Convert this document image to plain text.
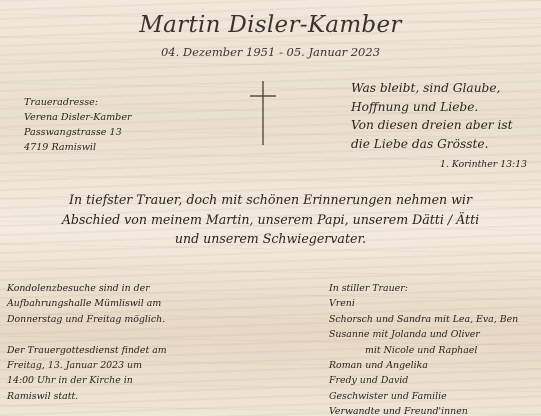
Martin Disler-Kamber
04. Dezember 1951 - 05. Januar 2023
Traueradresse:
Verena Disler-Kamber
Passwangstrasse 13
4719 Ramiswil
Was bleibt, sind Glaube,
Hoffnung und Liebe.
Von diesen dreien aber ist
die Liebe das Grösste.
1. Korinther 13:13
In tiefster Trauer, doch mit schönen Erinnerungen nehmen wir
Abschied von meinem Martin, unserem Papi, unserem Dätti / Ätti
und unserem Schwiegervater.
Kondolenzbesuche sind in der
Aufbahrungshalle Mümliswil am
Donnerstag und Freitag möglich.
Der Trauergottesdienst findet am
Freitag, 13. Januar 2023 um
14:00 Uhr in der Kirche in
Ramiswil statt.
In stiller Trauer:
Vreni
Schorsch und Sandra mit Lea, Eva, Ben
Susanne mit Jolanda und Oliver
mit Nicole und Raphael
Roman und Angelika
Fredy und David
Geschwister und Familie
Verwandte und Freund'innen
